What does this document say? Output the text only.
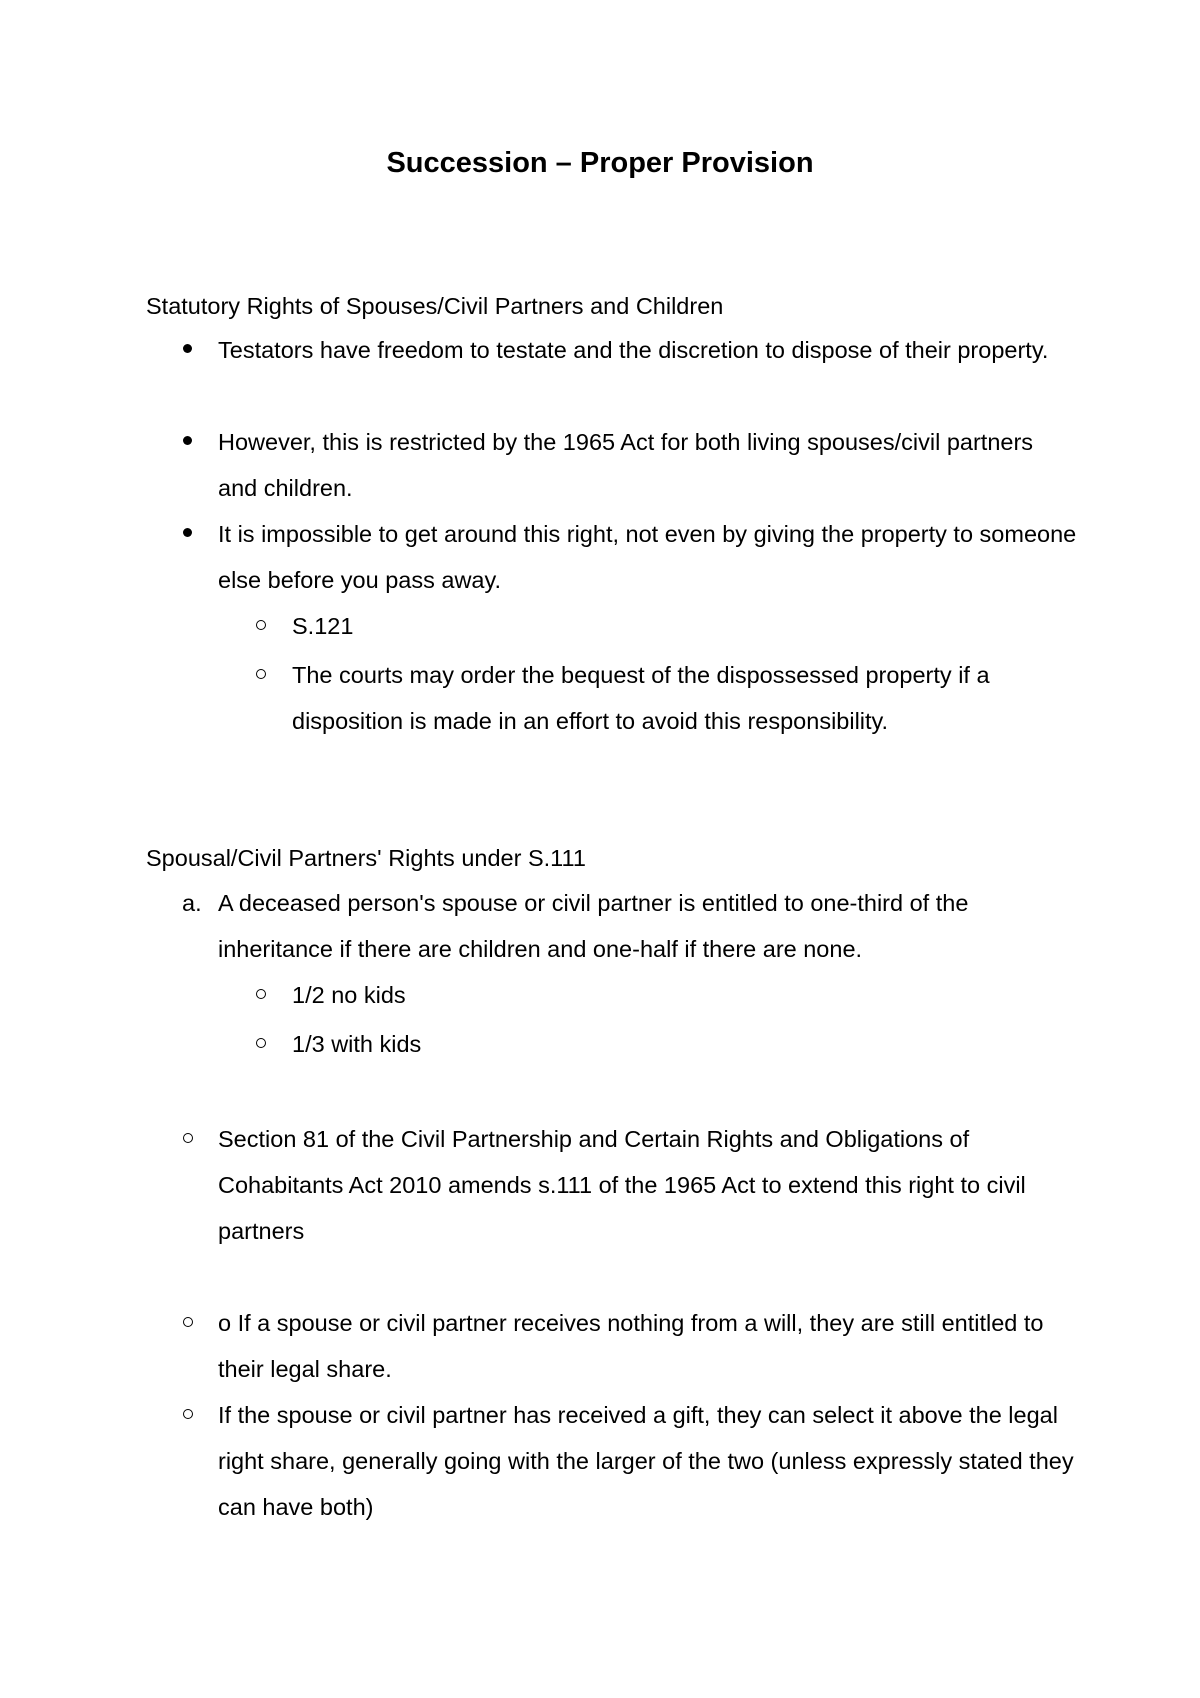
Succession – Proper Provision
Statutory Rights of Spouses/Civil Partners and Children
Testators have freedom to testate and the discretion to dispose of their property.
However, this is restricted by the 1965 Act for both living spouses/civil partners and children.
It is impossible to get around this right, not even by giving the property to someone else before you pass away.
S.121
The courts may order the bequest of the dispossessed property if a disposition is made in an effort to avoid this responsibility.
Spousal/Civil Partners' Rights under S.111
a. A deceased person's spouse or civil partner is entitled to one-third of the inheritance if there are children and one-half if there are none.
1/2 no kids
1/3 with kids
Section 81 of the Civil Partnership and Certain Rights and Obligations of Cohabitants Act 2010 amends s.111 of the 1965 Act to extend this right to civil partners
o If a spouse or civil partner receives nothing from a will, they are still entitled to their legal share.
If the spouse or civil partner has received a gift, they can select it above the legal right share, generally going with the larger of the two (unless expressly stated they can have both)
